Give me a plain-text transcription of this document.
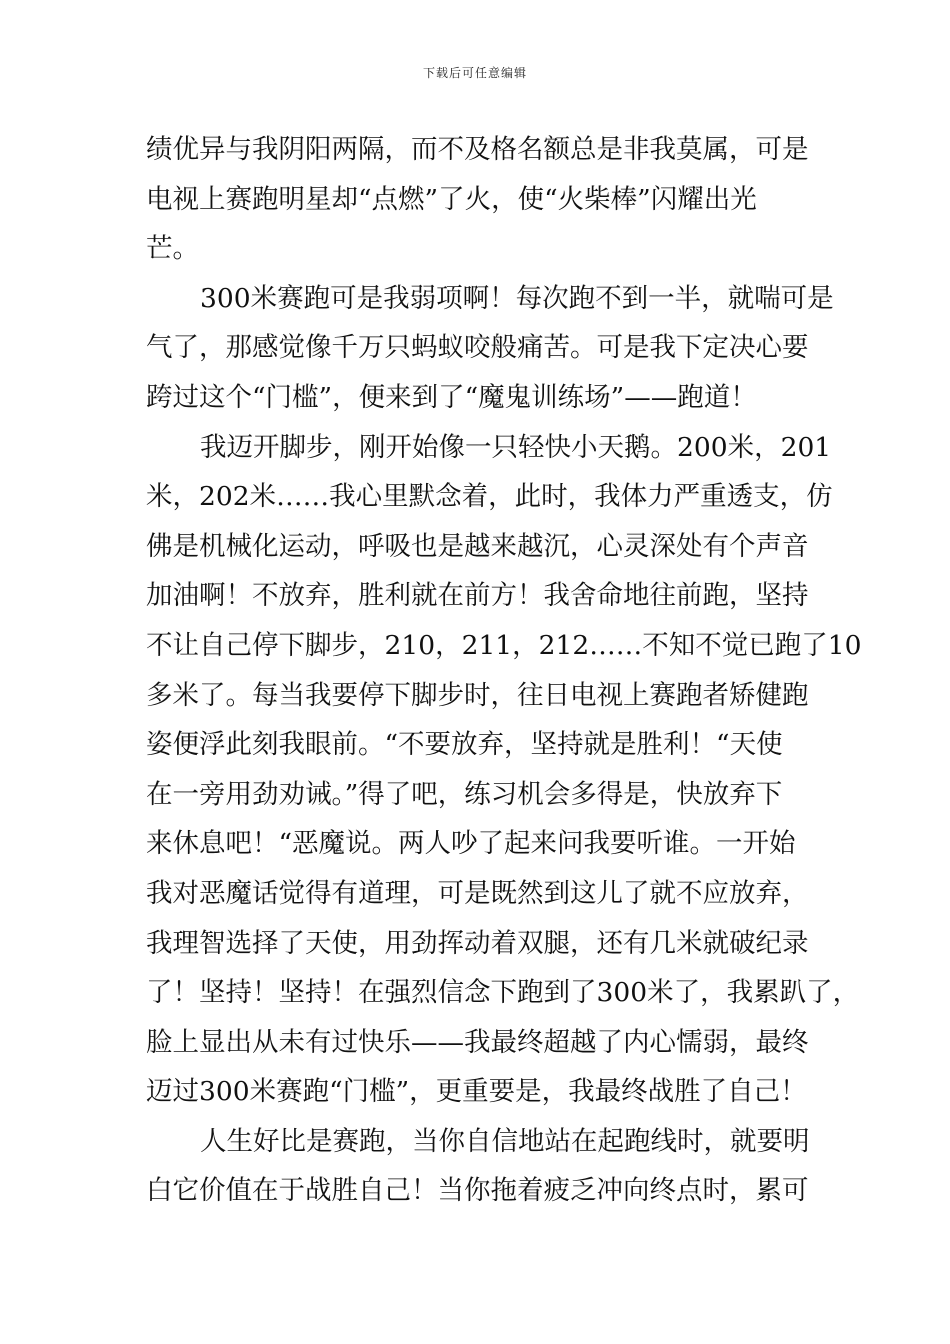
下载后可任意编辑
绩优异与我阴阳两隔，而不及格名额总是非我莫属，可是
电视上赛跑明星却“点燃”了火，使“火柴棒”闪耀出光
芒。
300米赛跑可是我弱项啊！每次跑不到一半，就喘可是
气了，那感觉像千万只蚂蚁咬般痛苦。可是我下定决心要
跨过这个“门槛”，便来到了“魔鬼训练场”——跑道！
我迈开脚步，刚开始像一只轻快小天鹅。200米，201
米，202米……我心里默念着，此时，我体力严重透支，仿
佛是机械化运动，呼吸也是越来越沉，心灵深处有个声音
加油啊！不放弃，胜利就在前方！我舍命地往前跑，坚持
不让自己停下脚步，210，211，212……不知不觉已跑了10
多米了。每当我要停下脚步时，往日电视上赛跑者矫健跑
姿便浮此刻我眼前。“不要放弃，坚持就是胜利！“天使
在一旁用劲劝诫。”得了吧，练习机会多得是，快放弃下
来休息吧！“恶魔说。两人吵了起来问我要听谁。一开始
我对恶魔话觉得有道理，可是既然到这儿了就不应放弃，
我理智选择了天使，用劲挥动着双腿，还有几米就破纪录
了！坚持！坚持！在强烈信念下跑到了300米了，我累趴了，
脸上显出从未有过快乐——我最终超越了内心懦弱，最终
迈过300米赛跑“门槛”，更重要是，我最终战胜了自己！
人生好比是赛跑，当你自信地站在起跑线时，就要明
白它价值在于战胜自己！当你拖着疲乏冲向终点时，累可
